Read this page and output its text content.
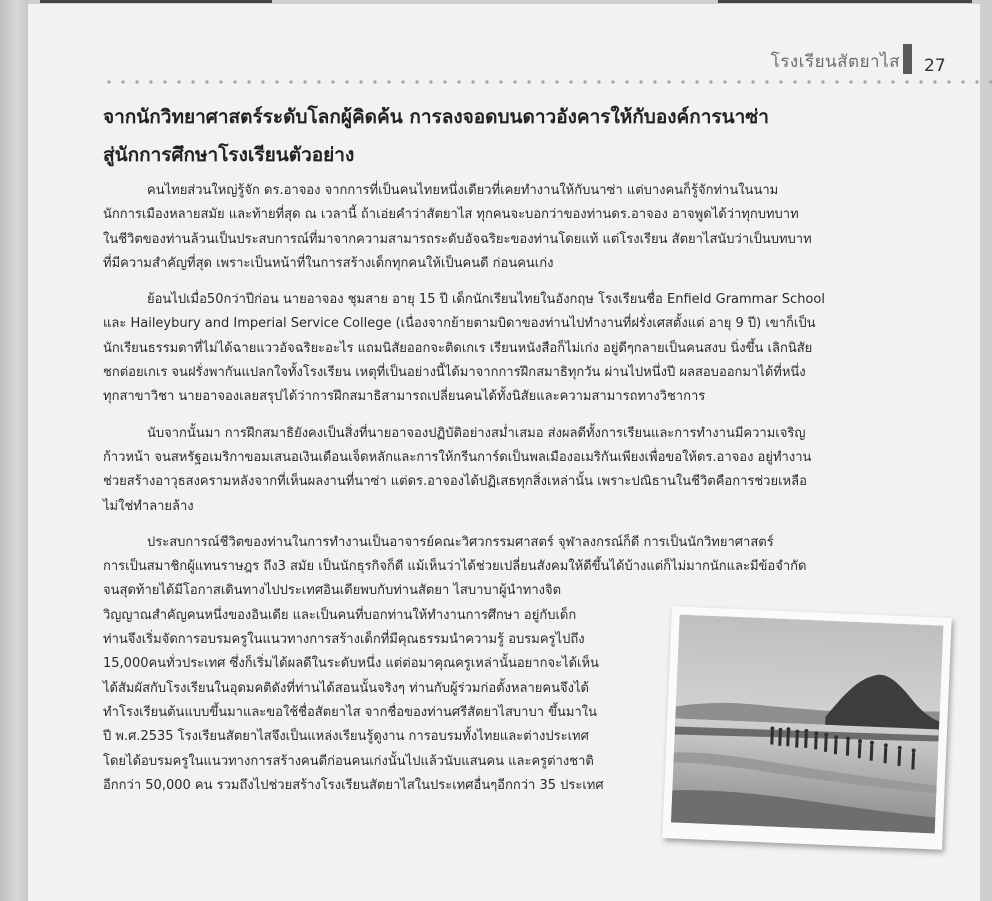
โรงเรียนสัตยาไส 27
จากนักวิทยาศาสตร์ระดับโลกผู้คิดค้น การลงจอดบนดาวอังคารให้กับองค์การนาซ่า
สู่นักการศึกษาโรงเรียนตัวอย่าง
คนไทยส่วนใหญ่รู้จัก ดร.อาจอง จากการที่เป็นคนไทยหนึ่งเดียวที่เคยทำงานให้กับนาซ่า แต่บางคนก็รู้จักท่านในนาม
นักการเมืองหลายสมัย และท้ายที่สุด ณ เวลานี้ ถ้าเอ่ยคำว่าสัตยาไส ทุกคนจะบอกว่าของท่านดร.อาจอง อาจพูดได้ว่าทุกบทบาท
ในชีวิตของท่านล้วนเป็นประสบการณ์ที่มาจากความสามารถระดับอัจฉริยะของท่านโดยแท้ แต่โรงเรียน สัตยาไสนับว่าเป็นบทบาท
ที่มีความสำคัญที่สุด เพราะเป็นหน้าที่ในการสร้างเด็กทุกคนให้เป็นคนดี ก่อนคนเก่ง
ย้อนไปเมื่อ50กว่าปีก่อน นายอาจอง ชุมสาย อายุ 15 ปี เด็กนักเรียนไทยในอังกฤษ โรงเรียนชื่อ Enfield Grammar School
และ Haileybury and Imperial Service College (เนื่องจากย้ายตามบิดาของท่านไปทำงานที่ฝรั่งเศสตั้งแต่ อายุ 9 ปี) เขาก็เป็น
นักเรียนธรรมดาที่ไม่ได้ฉายแววอัจฉริยะอะไร แถมนิสัยออกจะติดเกเร เรียนหนังสือก็ไม่เก่ง อยู่ดีๆกลายเป็นคนสงบ นิ่งขึ้น เลิกนิสัย
ชกต่อยเกเร จนฝรั่งพากันแปลกใจทั้งโรงเรียน เหตุที่เป็นอย่างนี้ได้มาจากการฝึกสมาธิทุกวัน ผ่านไปหนึ่งปี ผลสอบออกมาได้ที่หนึ่ง
ทุกสาขาวิชา นายอาจองเลยสรุปได้ว่าการฝึกสมาธิสามารถเปลี่ยนคนได้ทั้งนิสัยและความสามารถทางวิชาการ
นับจากนั้นมา การฝึกสมาธิยังคงเป็นสิ่งที่นายอาจองปฏิบัติอย่างสม่ำเสมอ ส่งผลดีทั้งการเรียนและการทำงานมีความเจริญ
ก้าวหน้า จนสหรัฐอเมริกาขอมเสนอเงินเดือนเจ็ดหลักและการให้กรีนการ์ดเป็นพลเมืองอเมริกันเพียงเพื่อขอให้ดร.อาจอง อยู่ทำงาน
ช่วยสร้างอาวุธสงครามหลังจากที่เห็นผลงานที่นาซ่า แต่ดร.อาจองได้ปฏิเสธทุกสิ่งเหล่านั้น เพราะปณิธานในชีวิตคือการช่วยเหลือ
ไม่ใช่ทำลายล้าง
ประสบการณ์ชีวิตของท่านในการทำงานเป็นอาจารย์คณะวิศวกรรมศาสตร์ จุฬาลงกรณ์ก็ดี การเป็นนักวิทยาศาสตร์
การเป็นสมาชิกผู้แทนราษฎร ถึง3 สมัย เป็นนักธุรกิจก็ดี แม้เห็นว่าได้ช่วยเปลี่ยนสังคมให้ดีขึ้นได้บ้างแต่ก็ไม่มากนักและมีข้อจำกัด
จนสุดท้ายได้มีโอกาสเดินทางไปประเทศอินเดียพบกับท่านสัตยา ไสบาบาผู้นำทางจิต
วิญญาณสำคัญคนหนึ่งของอินเดีย และเป็นคนที่บอกท่านให้ทำงานการศึกษา อยู่กับเด็ก
ท่านจึงเริ่มจัดการอบรมครูในแนวทางการสร้างเด็กที่มีคุณธรรมนำความรู้ อบรมครูไปถึง
15,000คนทั่วประเทศ ซึ่งก็เริ่มได้ผลดีในระดับหนึ่ง แต่ต่อมาคุณครูเหล่านั้นอยากจะได้เห็น
ได้สัมผัสกับโรงเรียนในอุดมคติดังที่ท่านได้สอนนั้นจริงๆ ท่านกับผู้ร่วมก่อตั้งหลายคนจึงได้
ทำโรงเรียนต้นแบบขึ้นมาและขอใช้ชื่อสัตยาไส จากชื่อของท่านศรีสัตยาไสบาบา ขึ้นมาใน
ปี พ.ศ.2535 โรงเรียนสัตยาไสจึงเป็นแหล่งเรียนรู้ดูงาน การอบรมทั้งไทยและต่างประเทศ
โดยได้อบรมครูในแนวทางการสร้างคนดีก่อนคนเก่งนั้นไปแล้วนับแสนคน และครูต่างชาติ
อีกกว่า 50,000 คน รวมถึงไปช่วยสร้างโรงเรียนสัตยาไสในประเทศอื่นๆอีกกว่า 35 ประเทศ
